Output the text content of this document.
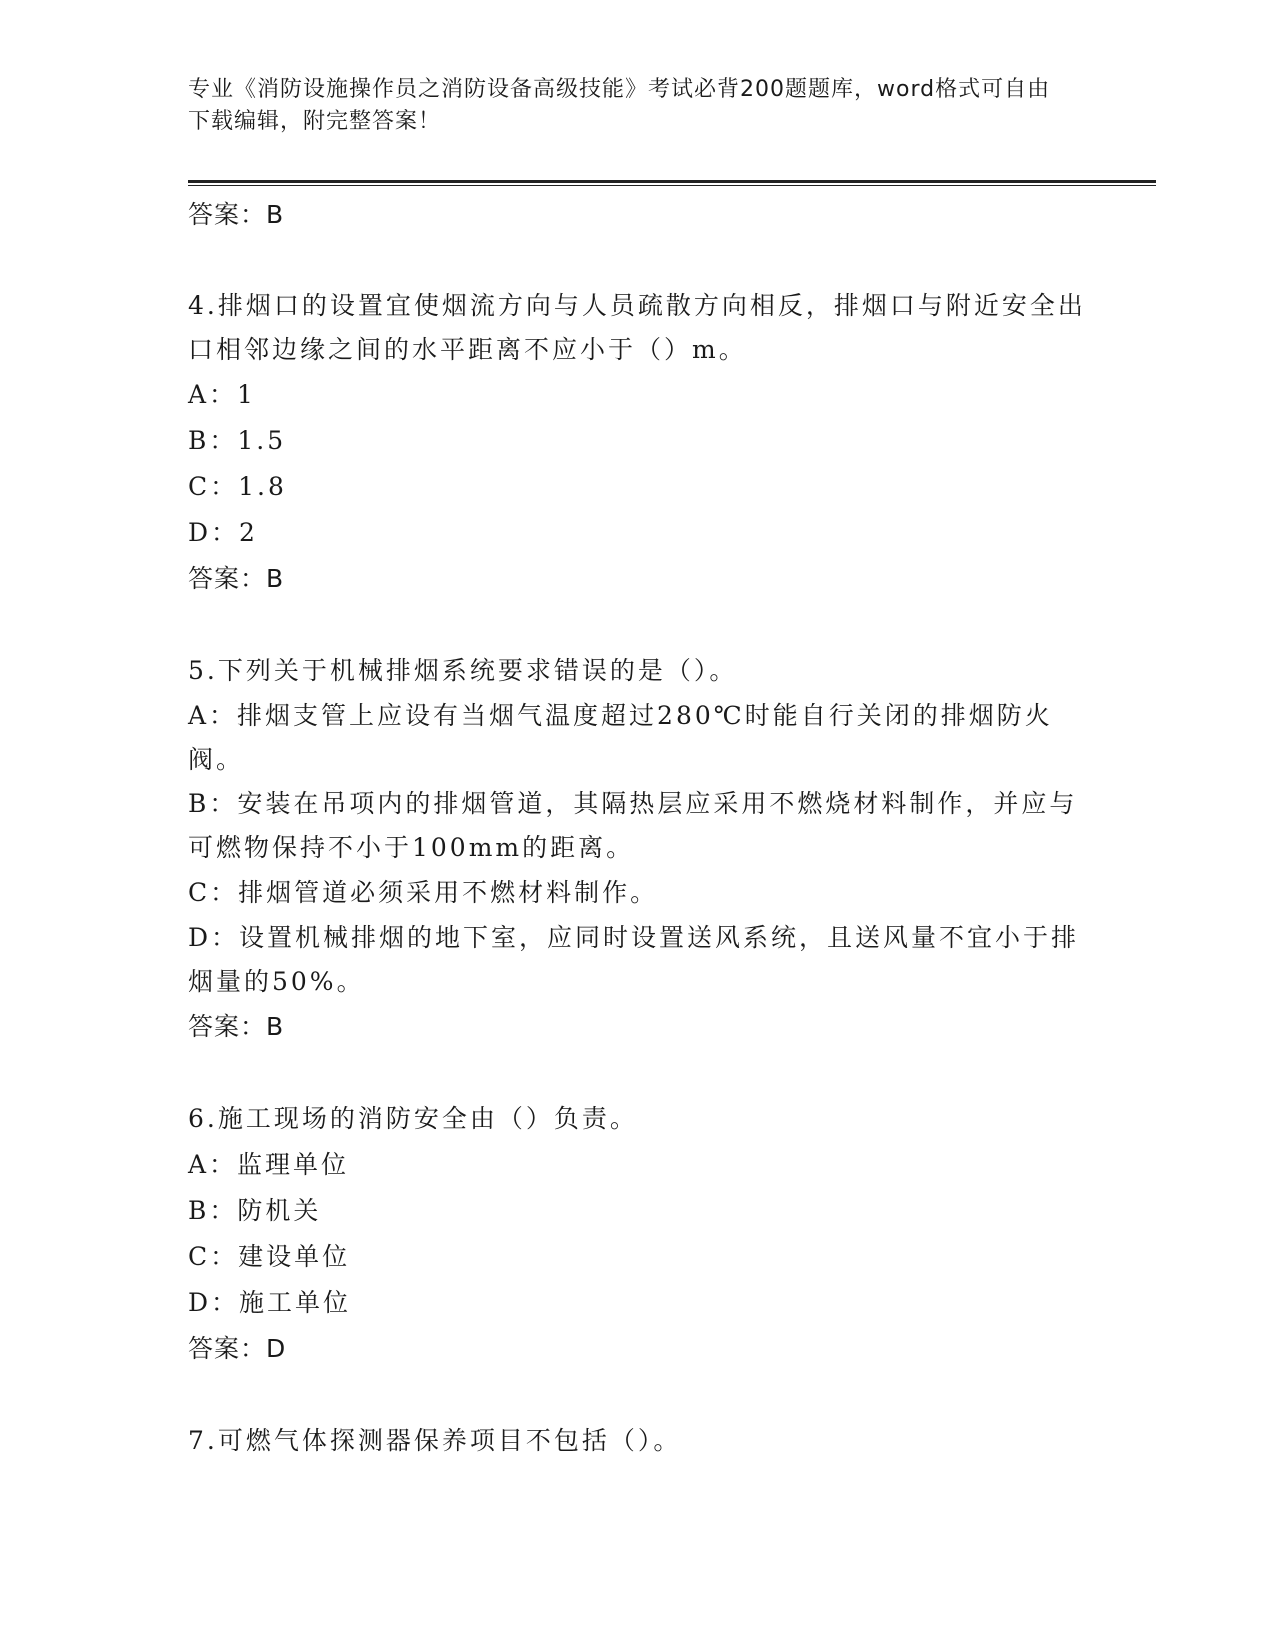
专业《消防设施操作员之消防设备高级技能》考试必背200题题库，word格式可自由下载编辑，附完整答案！

答案：B

4.排烟口的设置宜使烟流方向与人员疏散方向相反，排烟口与附近安全出口相邻边缘之间的水平距离不应小于（）m。

A：1

B：1.5

C：1.8

D：2

答案：B

5.下列关于机械排烟系统要求错误的是（）。

A：排烟支管上应设有当烟气温度超过280℃时能自行关闭的排烟防火阀。

B：安装在吊项内的排烟管道，其隔热层应采用不燃烧材料制作，并应与可燃物保持不小于100mm的距离。

C：排烟管道必须采用不燃材料制作。

D：设置机械排烟的地下室，应同时设置送风系统，且送风量不宜小于排烟量的50%。

答案：B

6.施工现场的消防安全由（）负责。

A：监理单位

B：防机关

C：建设单位

D：施工单位

答案：D

7.可燃气体探测器保养项目不包括（）。
